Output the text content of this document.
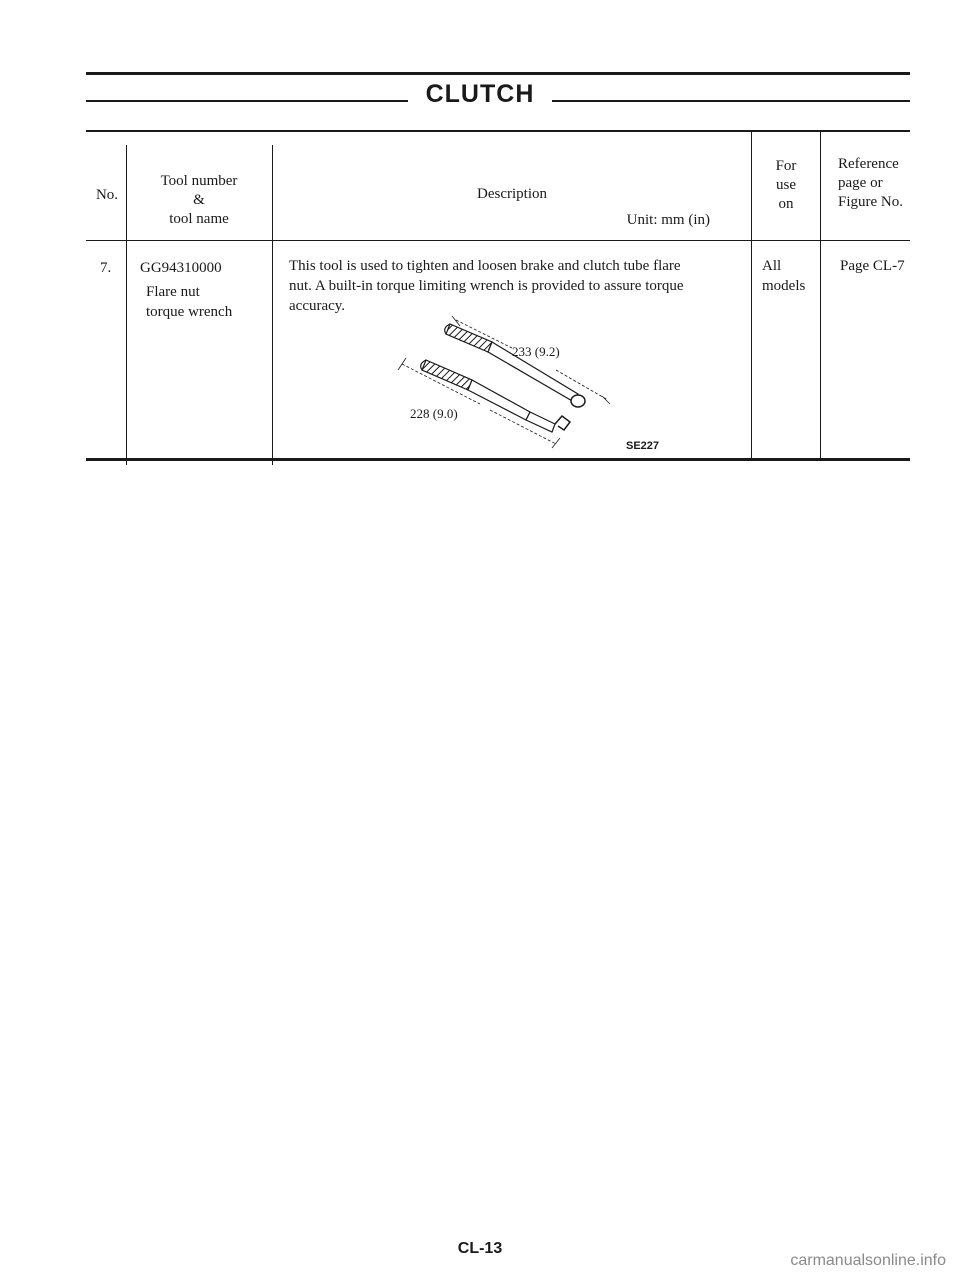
CLUTCH
No.
Tool number
&
tool name
Description
Unit: mm (in)
For
use
on
Reference
page or
Figure No.
7. GG94310000
Flare nut
torque wrench
This tool is used to tighten and loosen brake and clutch tube flare
nut. A built-in torque limiting wrench is provided to assure torque
accuracy.
All
models
Page CL-7
233 (9.2)
228 (9.0)
SE227
CL-13
carmanualsonline.info
